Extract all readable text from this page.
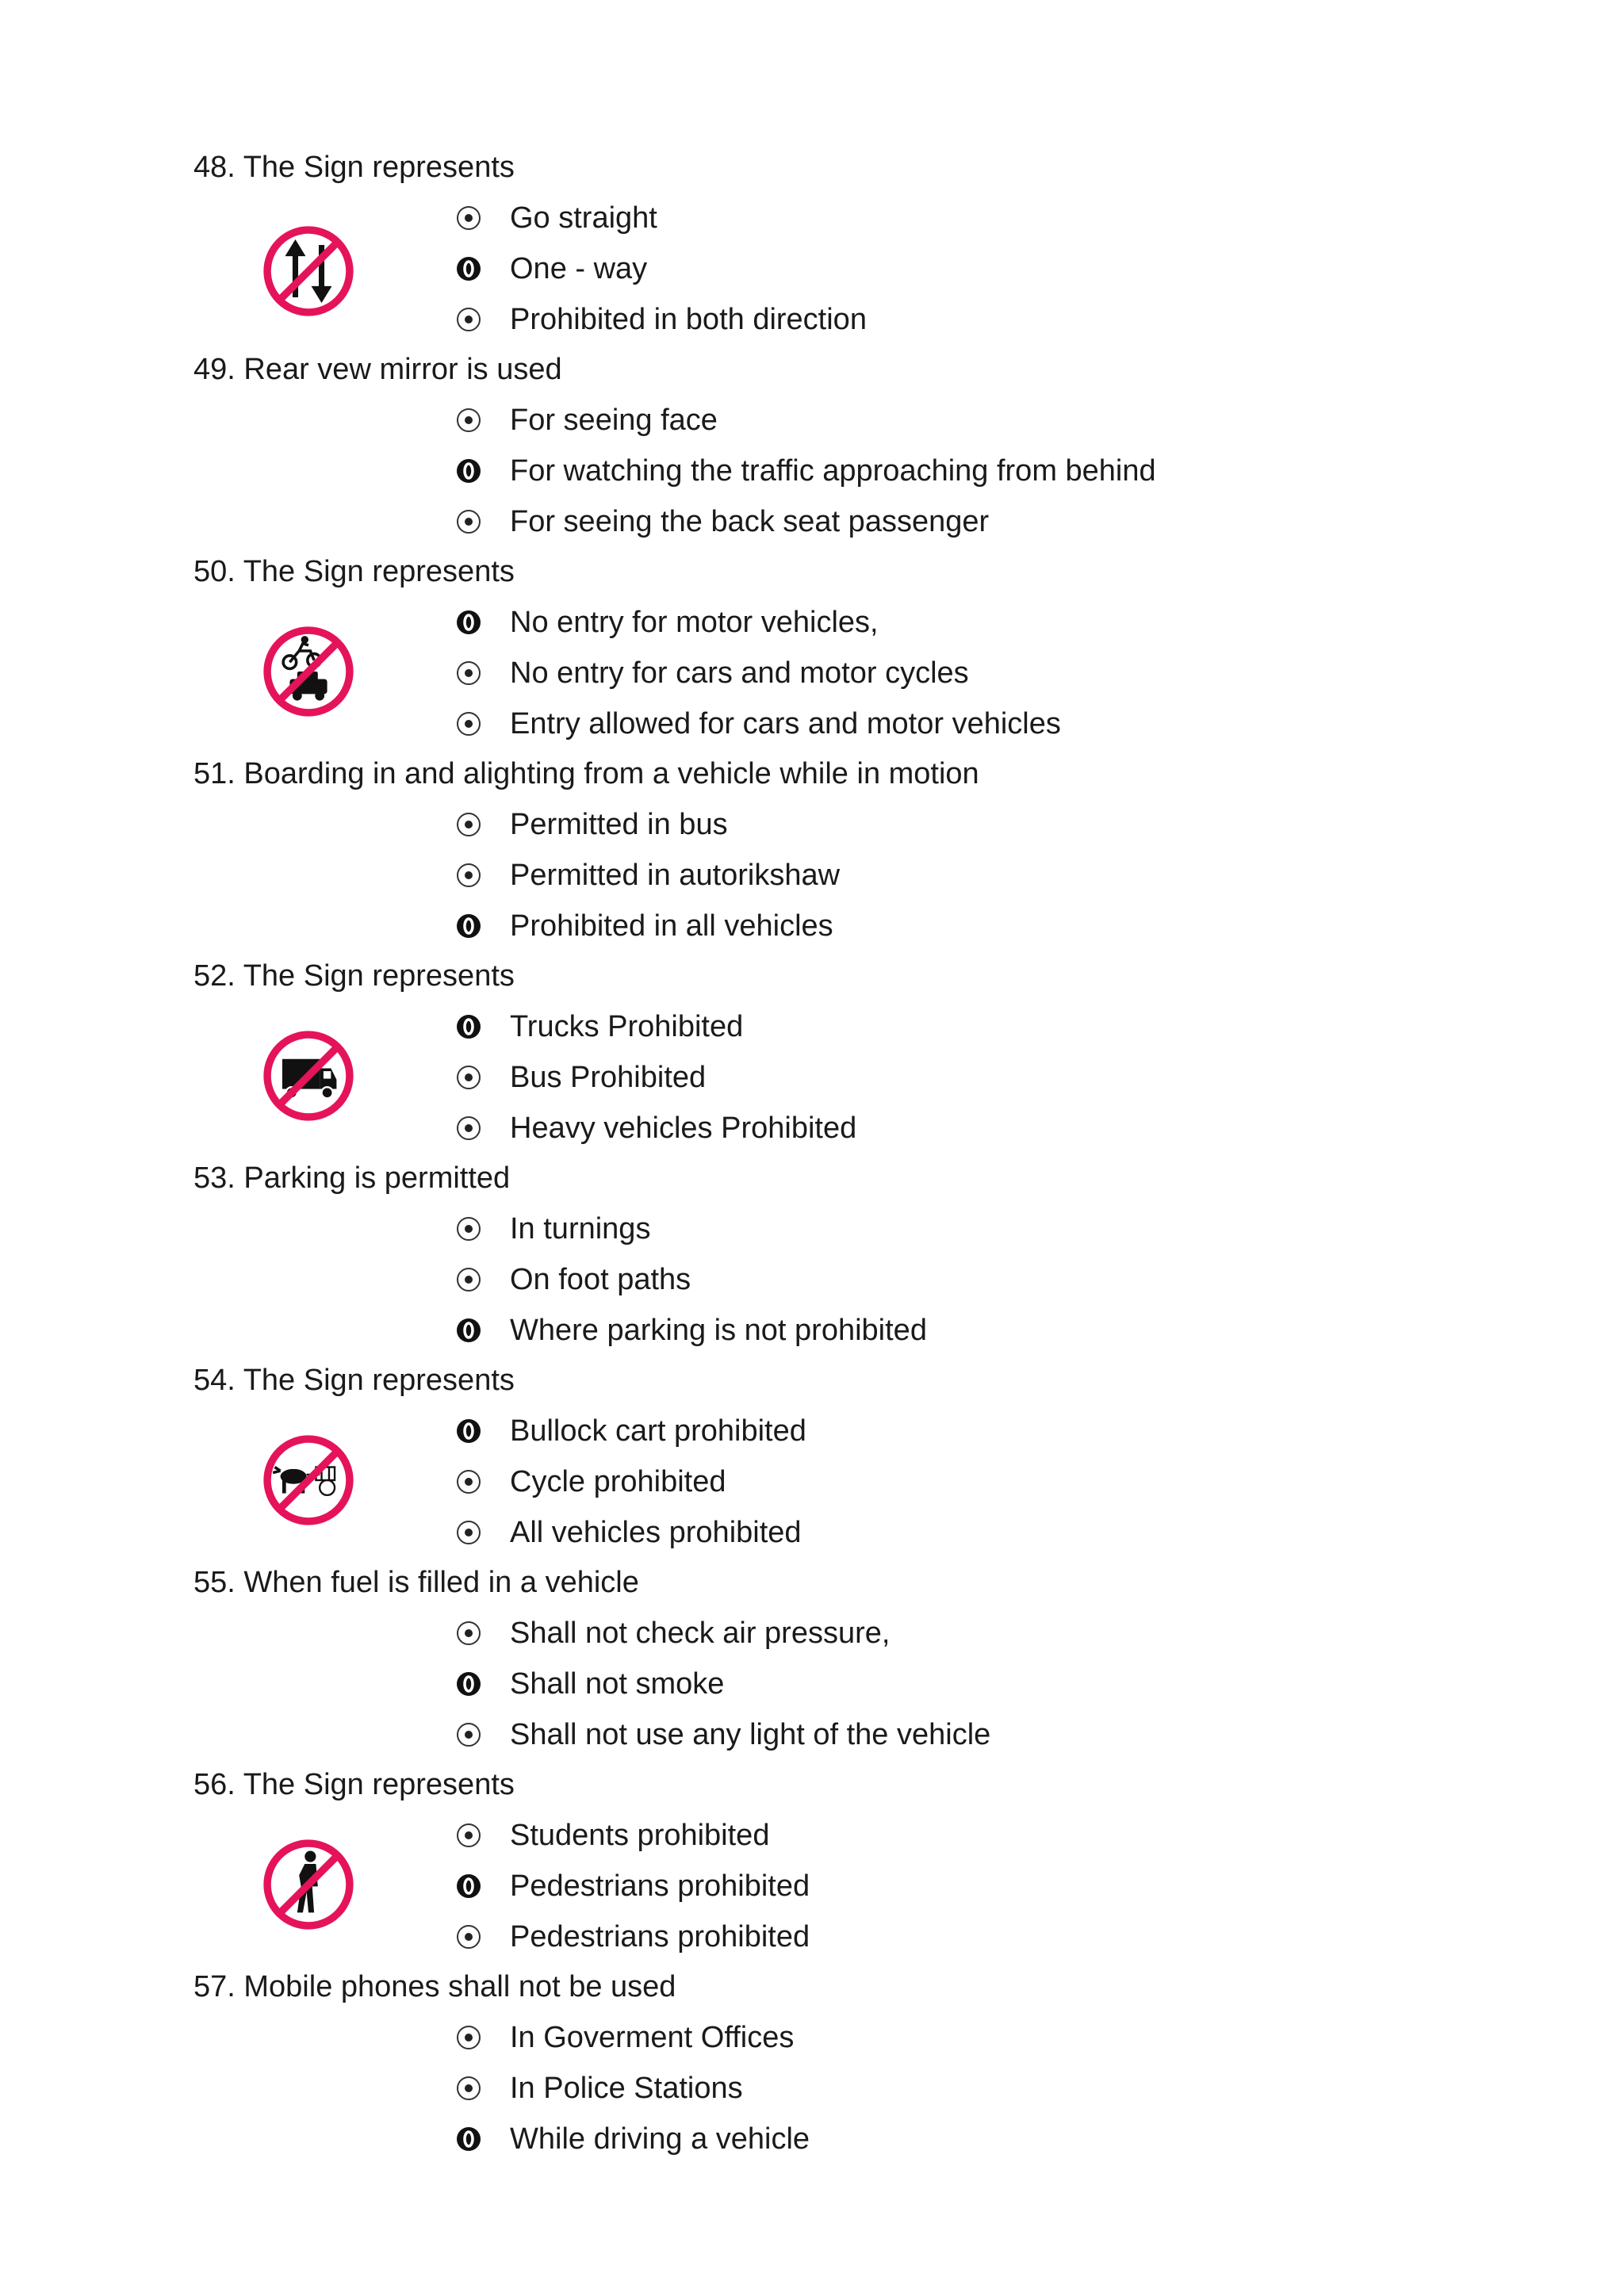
48. The Sign represents
Go straight
One - way
Prohibited in both direction
49. Rear vew mirror is used
For seeing face
For watching the traffic approaching from behind
For seeing the back seat passenger
50. The Sign represents
No entry for motor vehicles,
No entry for cars and motor cycles
Entry allowed for cars and motor vehicles
51. Boarding in and alighting from a vehicle while in motion
Permitted in bus
Permitted in autorikshaw
Prohibited in all vehicles
52. The Sign represents
Trucks Prohibited
Bus Prohibited
Heavy vehicles Prohibited
53. Parking is permitted
In turnings
On foot paths
Where parking is not prohibited
54. The Sign represents
Bullock cart prohibited
Cycle prohibited
All vehicles prohibited
55. When fuel is filled in a vehicle
Shall not check air pressure,
Shall not smoke
Shall not use any light of the vehicle
56. The Sign represents
Students prohibited
Pedestrians prohibited
Pedestrians prohibited
57. Mobile phones shall not be used
In Goverment Offices
In Police Stations
While driving a vehicle
